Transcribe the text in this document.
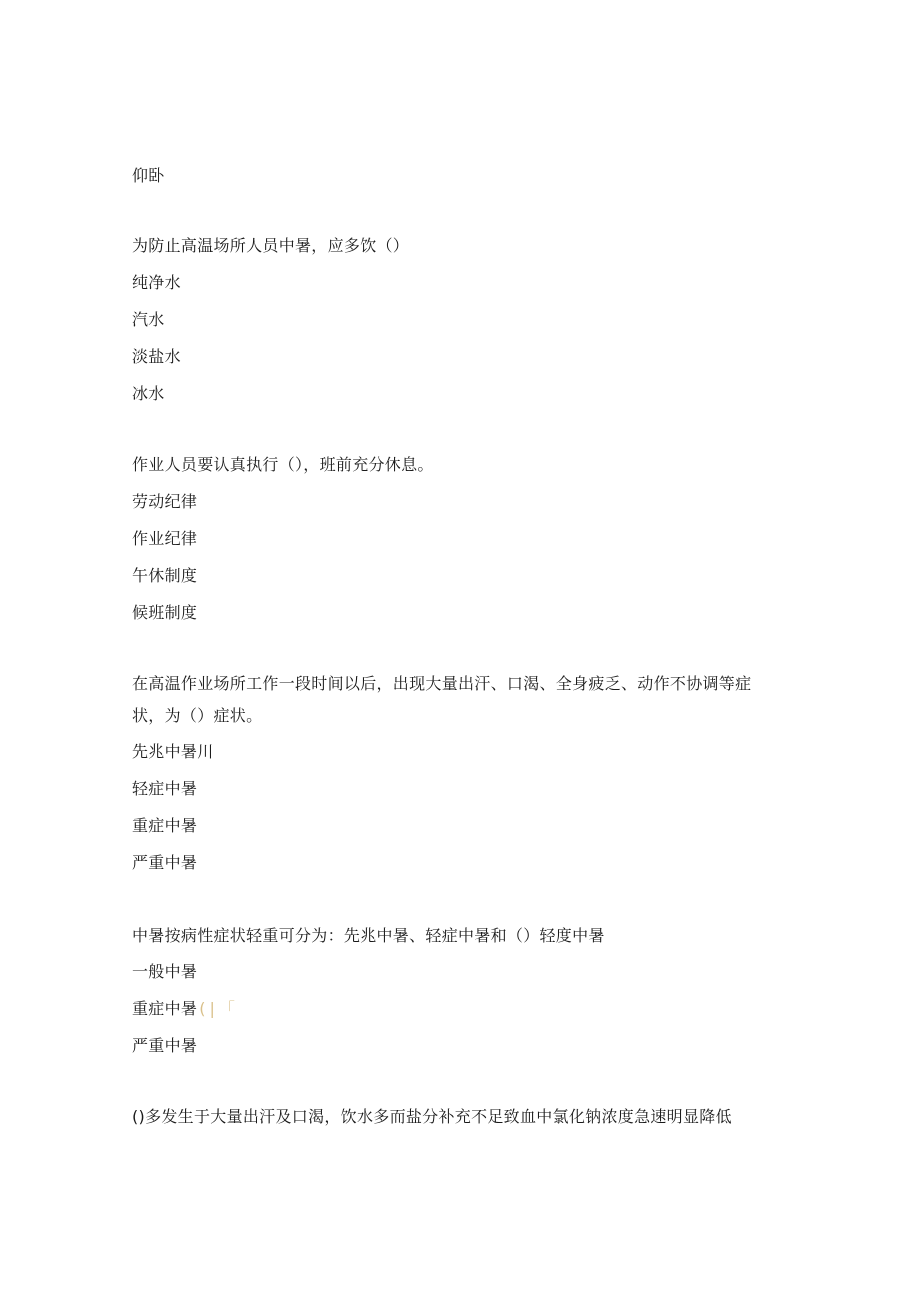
仰卧
为防止高温场所人员中暑，应多饮（）
纯净水
汽水
淡盐水
冰水
作业人员要认真执行（），班前充分休息。
劳动纪律
作业纪律
午休制度
候班制度
在高温作业场所工作一段时间以后，出现大量出汗、口渴、全身疲乏、动作不协调等症
状，为（）症状。
先兆中暑川
轻症中暑
重症中暑
严重中暑
中暑按病性症状轻重可分为：先兆中暑、轻症中暑和（）轻度中暑
一般中暑
重症中暑 (|「
严重中暑
()多发生于大量出汗及口渴，饮水多而盐分补充不足致血中氯化钠浓度急速明显降低
